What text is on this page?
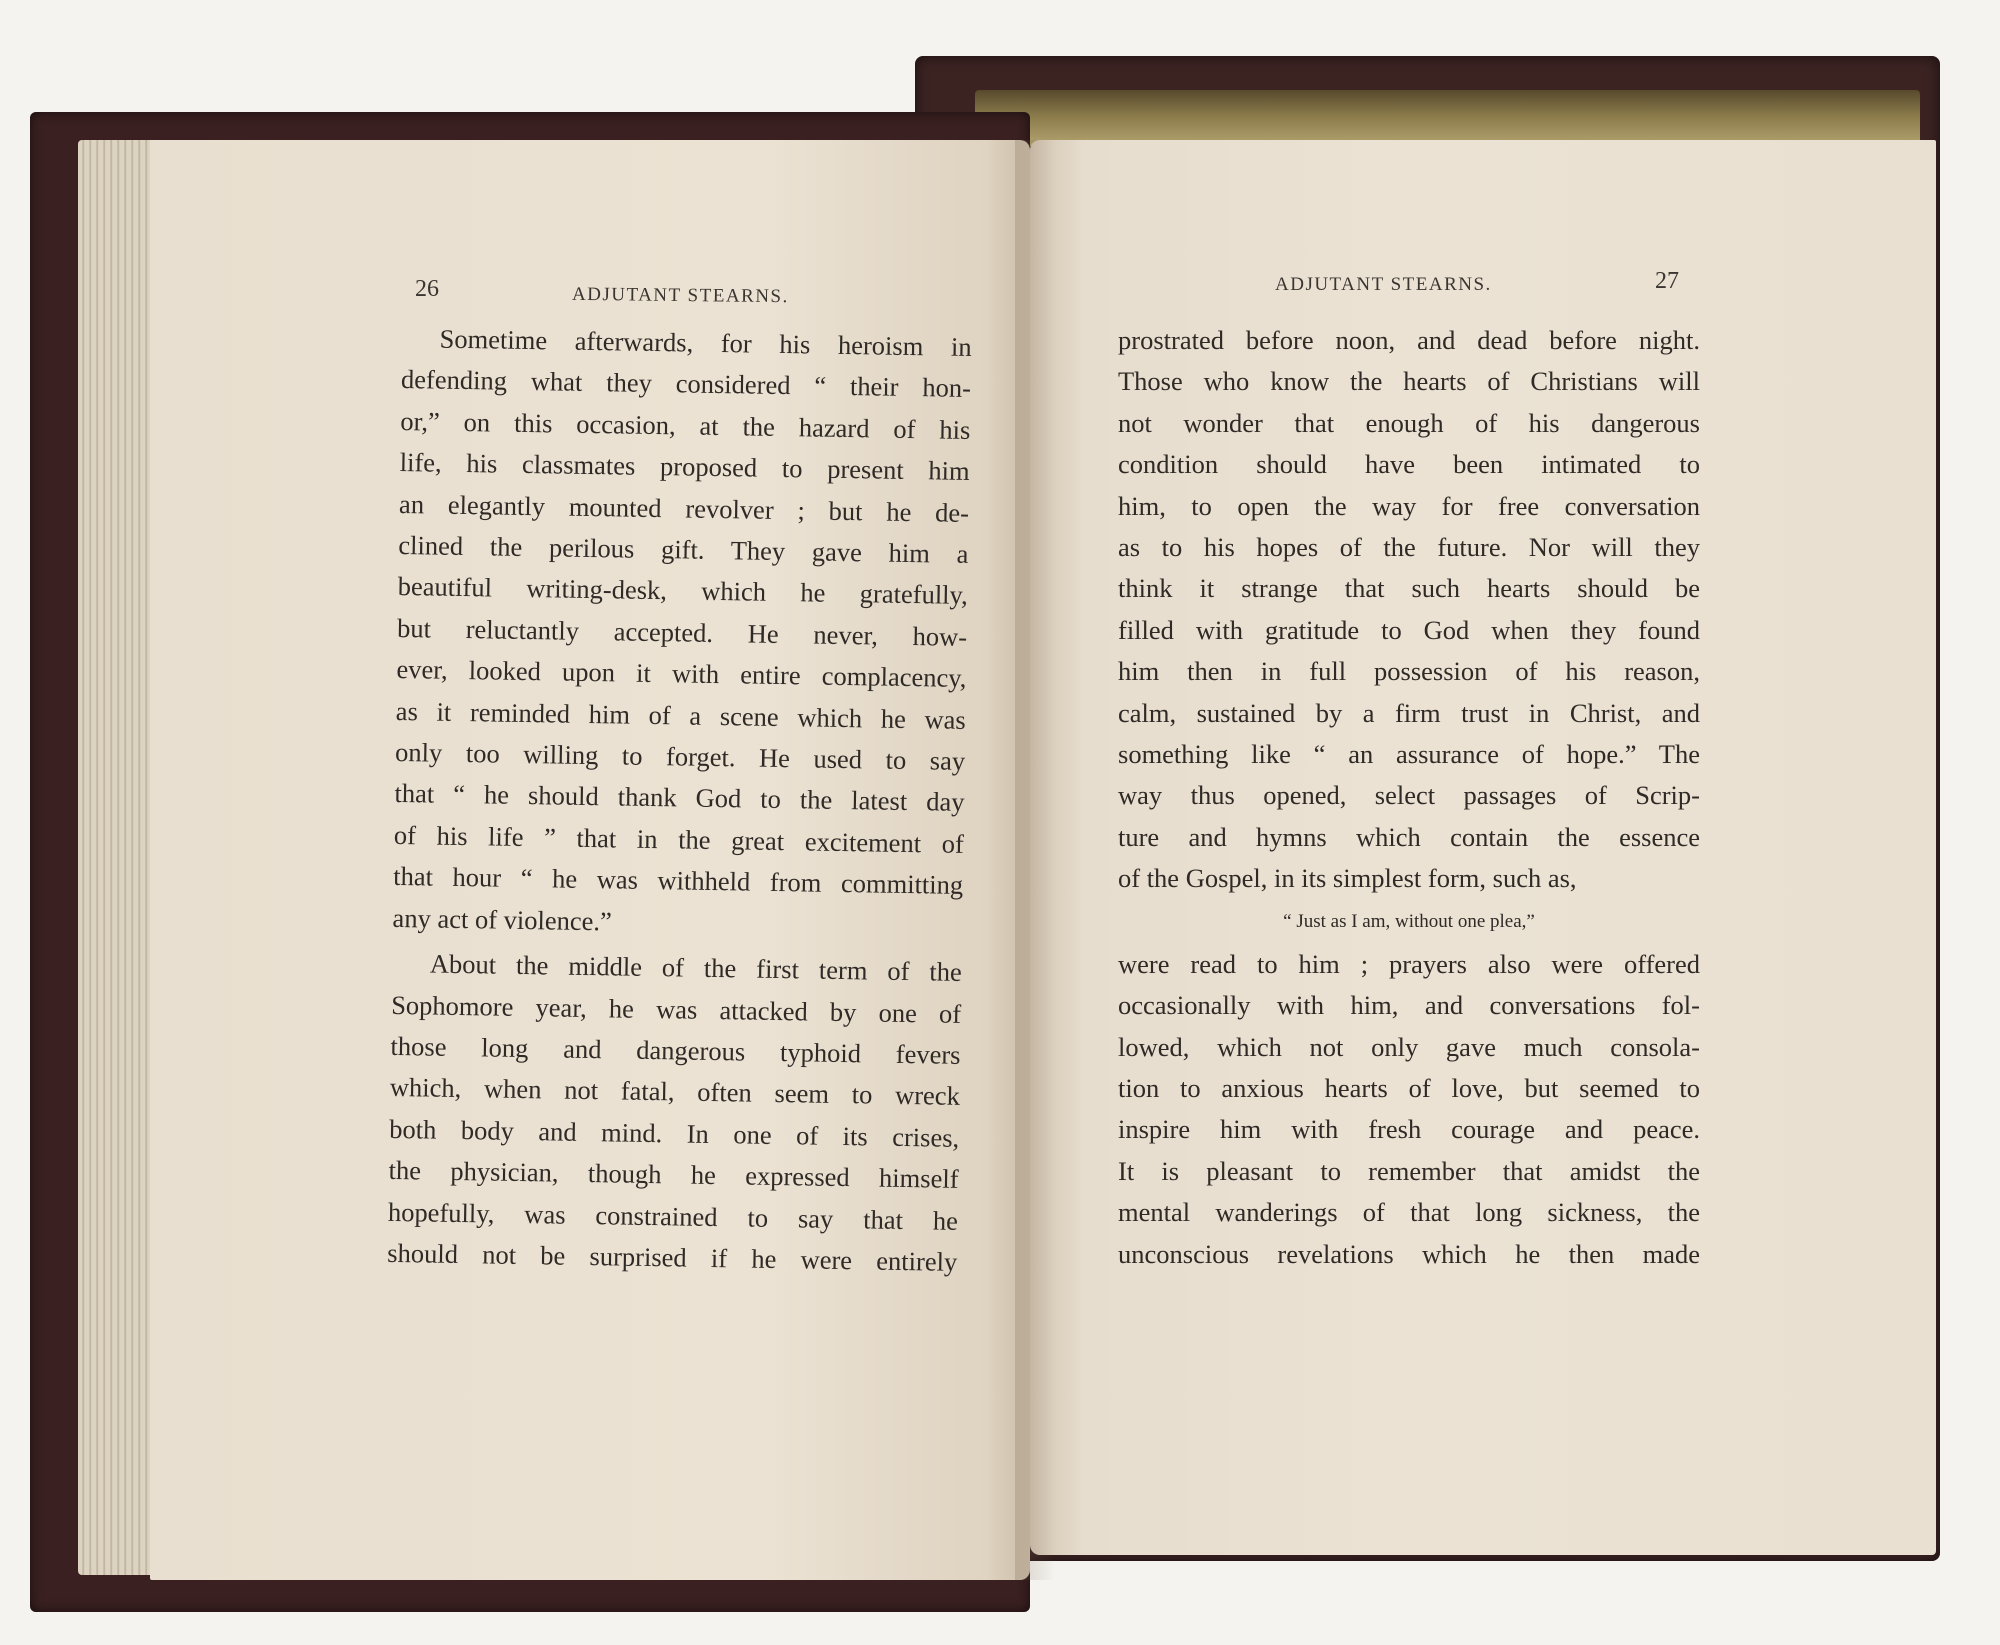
26	ADJUTANT STEARNS.	ADJUTANT STEARNS.	27
Sometime afterwards, for his heroism in
defending what they considered “ their hon-
or,” on this occasion, at the hazard of his
life, his classmates proposed to present him
an elegantly mounted revolver ; but he de-
clined the perilous gift. They gave him a
beautiful writing-desk, which he gratefully,
but reluctantly accepted. He never, how-
ever, looked upon it with entire complacency,
as it reminded him of a scene which he was
only too willing to forget. He used to say
that “ he should thank God to the latest day
of his life ” that in the great excitement of
that hour “ he was withheld from committing
any act of violence.”
About the middle of the first term of the
Sophomore year, he was attacked by one of
those long and dangerous typhoid fevers
which, when not fatal, often seem to wreck
both body and mind. In one of its crises,
the physician, though he expressed himself
hopefully, was constrained to say that he
should not be surprised if he were entirely
prostrated before noon, and dead before night.
Those who know the hearts of Christians will
not wonder that enough of his dangerous
condition should have been intimated to
him, to open the way for free conversation
as to his hopes of the future. Nor will they
think it strange that such hearts should be
filled with gratitude to God when they found
him then in full possession of his reason,
calm, sustained by a firm trust in Christ, and
something like “ an assurance of hope.” The
way thus opened, select passages of Scrip-
ture and hymns which contain the essence
of the Gospel, in its simplest form, such as,
“ Just as I am, without one plea,”
were read to him ; prayers also were offered
occasionally with him, and conversations fol-
lowed, which not only gave much consola-
tion to anxious hearts of love, but seemed to
inspire him with fresh courage and peace.
It is pleasant to remember that amidst the
mental wanderings of that long sickness, the
unconscious revelations which he then made
